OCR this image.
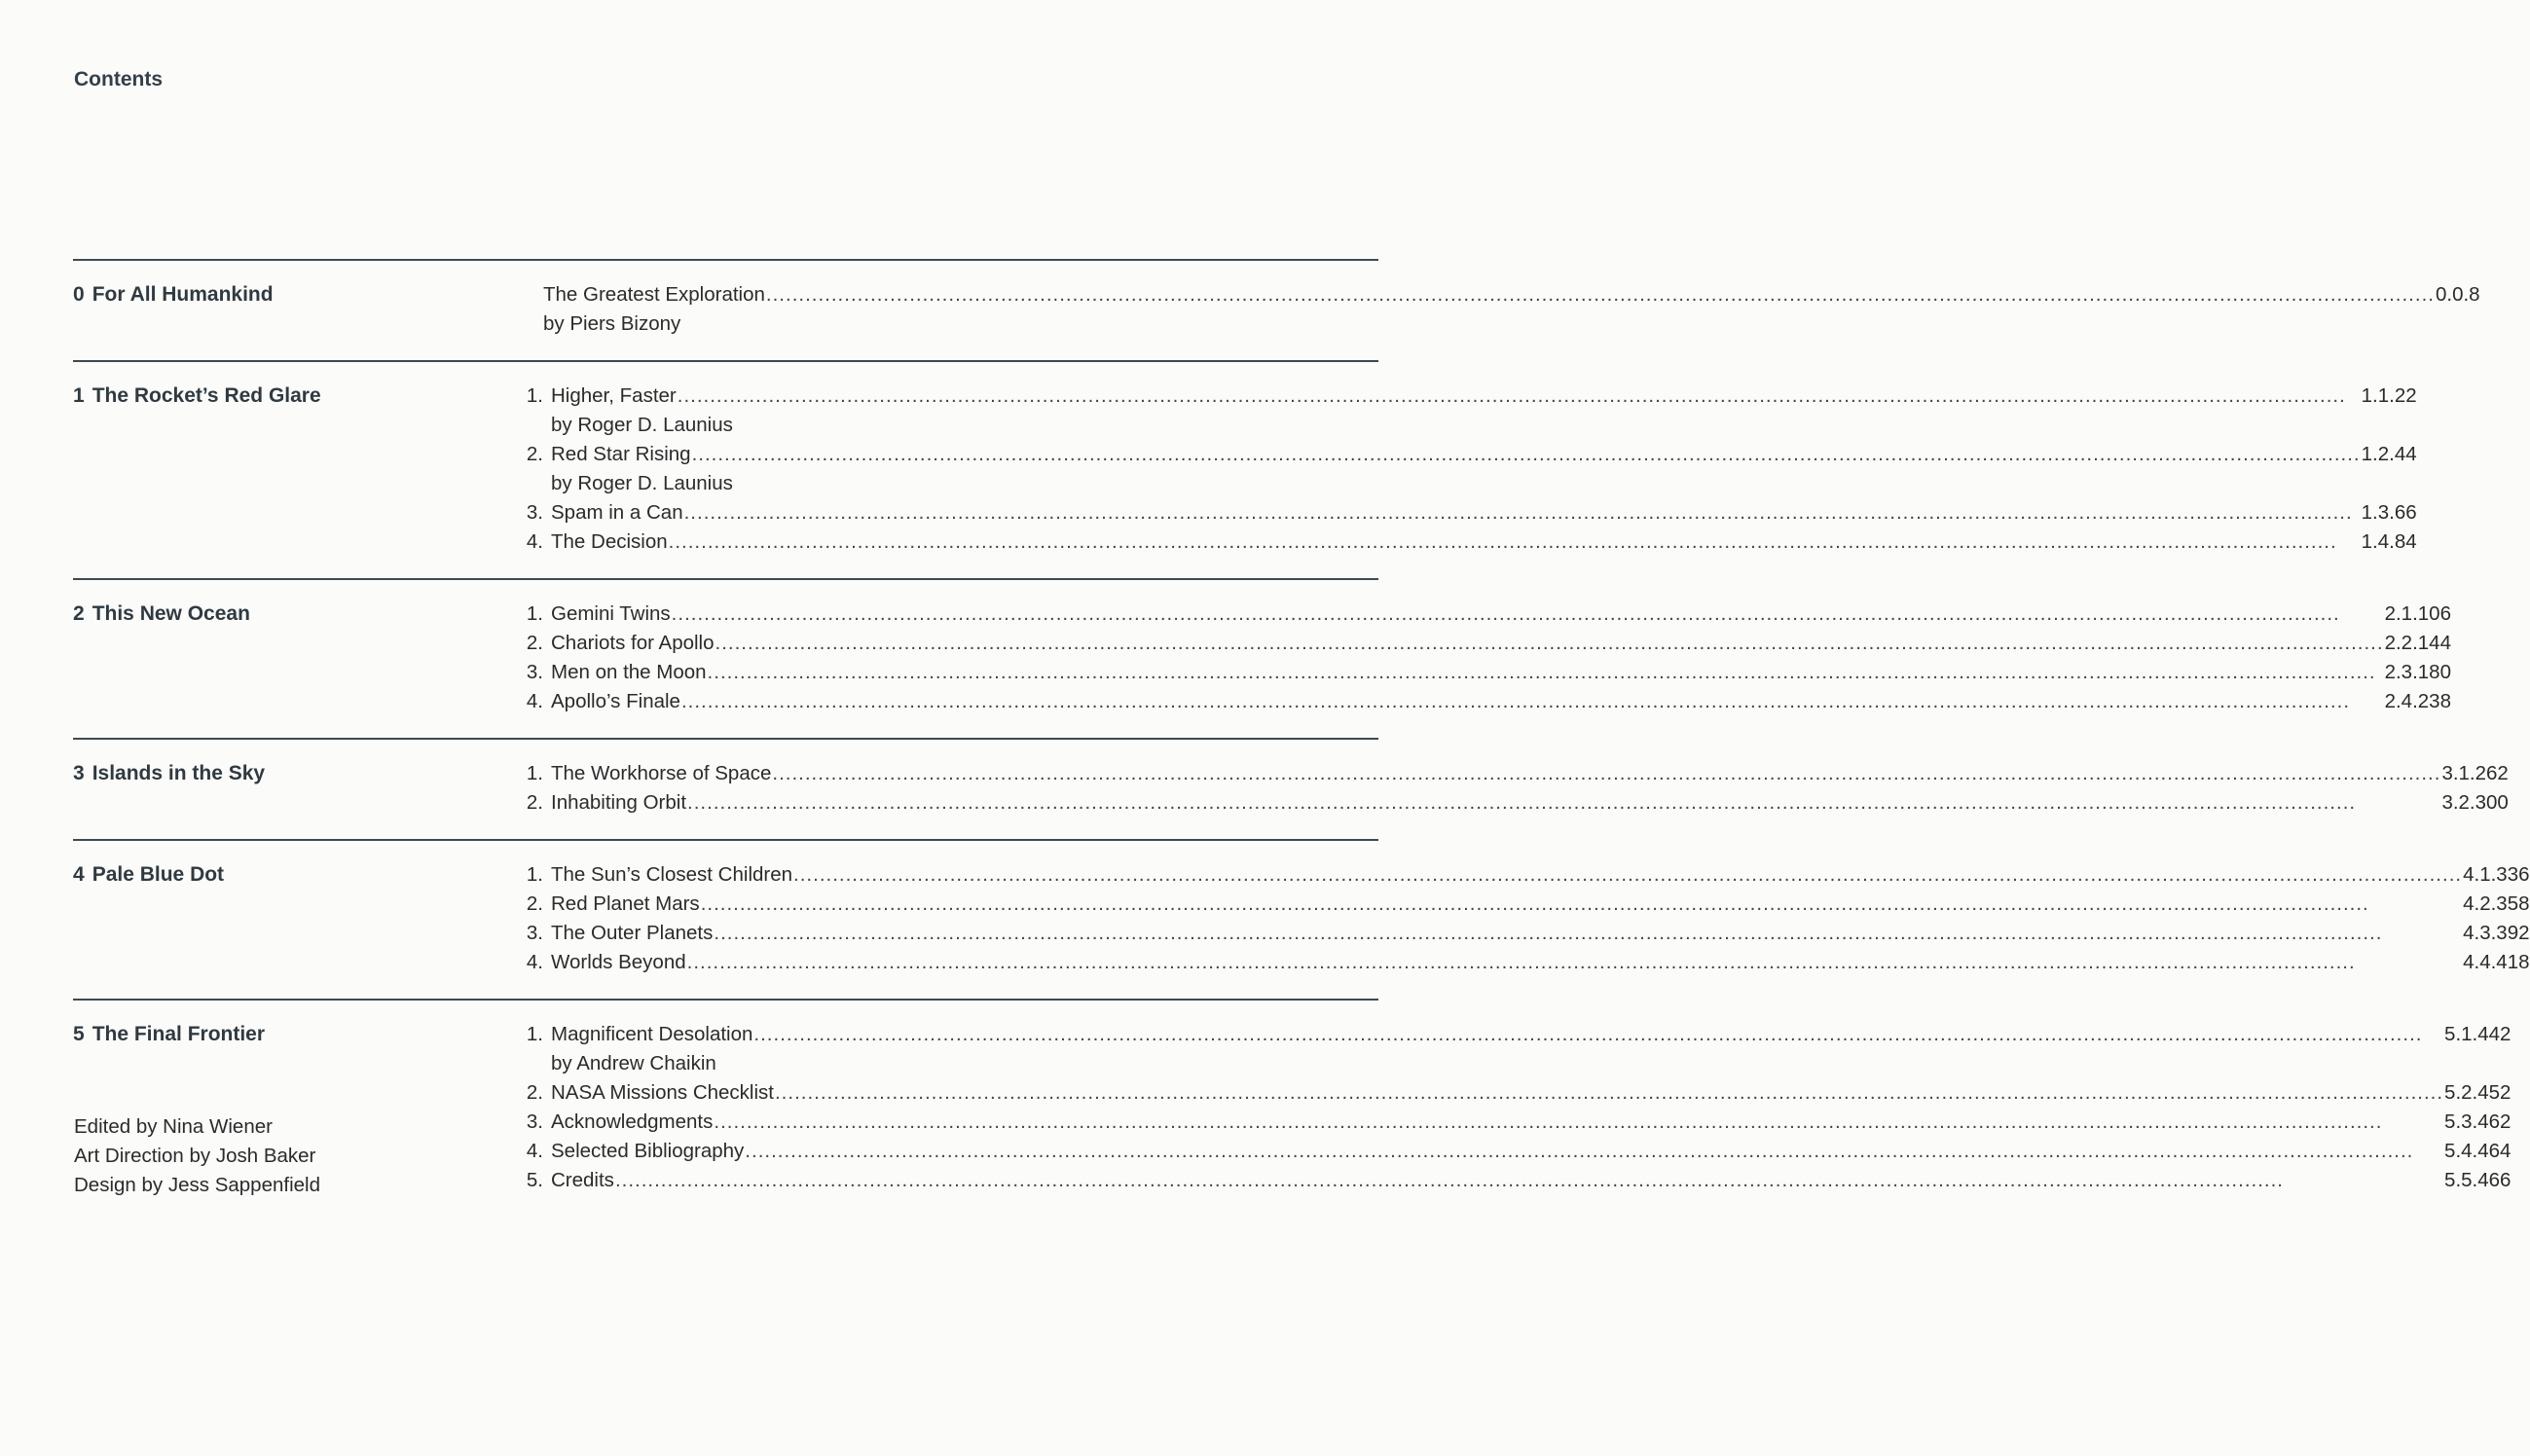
Contents
0 For All Humankind	The Greatest Exploration .....	0.0.8
by Piers Bizony
1 The Rocket’s Red Glare	1. Higher, Faster .....	1.1.22
by Roger D. Launius
2. Red Star Rising .....	1.2.44
by Roger D. Launius
3. Spam in a Can .....	1.3.66
4. The Decision .....	1.4.84
2 This New Ocean	1. Gemini Twins .....	2.1.106
2. Chariots for Apollo .....	2.2.144
3. Men on the Moon .....	2.3.180
4. Apollo’s Finale .....	2.4.238
3 Islands in the Sky	1. The Workhorse of Space .....	3.1.262
2. Inhabiting Orbit .....	3.2.300
4 Pale Blue Dot	1. The Sun’s Closest Children .....	4.1.336
2. Red Planet Mars .....	4.2.358
3. The Outer Planets .....	4.3.392
4. Worlds Beyond .....	4.4.418
5 The Final Frontier	1. Magnificent Desolation .....	5.1.442
by Andrew Chaikin
2. NASA Missions Checklist .....	5.2.452
3. Acknowledgments .....	5.3.462
4. Selected Bibliography .....	5.4.464
5. Credits .....	5.5.466
Edited by Nina Wiener
Art Direction by Josh Baker
Design by Jess Sappenfield
